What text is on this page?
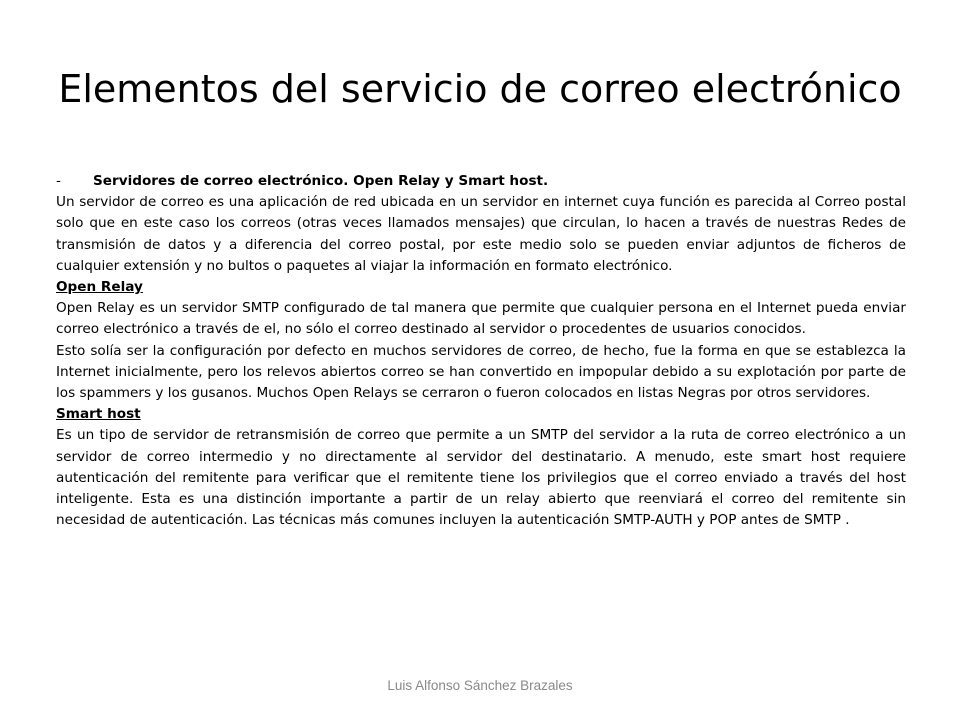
Elementos del servicio de correo electrónico
-	Servidores de correo electrónico. Open Relay y Smart host.

Un servidor de correo es una aplicación de red ubicada en un servidor en internet cuya función es parecida al Correo postal solo que en este caso los correos (otras veces llamados mensajes) que circulan, lo hacen a través de nuestras Redes de transmisión de datos y a diferencia del correo postal, por este medio solo se pueden enviar adjuntos de ficheros de cualquier extensión y no bultos o paquetes al viajar la información en formato electrónico.

Open Relay

Open Relay es un servidor SMTP configurado de tal manera que permite que cualquier persona en el Internet pueda enviar correo electrónico a través de el, no sólo el correo destinado al servidor o procedentes de usuarios conocidos.

Esto solía ser la configuración por defecto en muchos servidores de correo, de hecho, fue la forma en que se establezca la Internet inicialmente, pero los relevos abiertos correo se han convertido en impopular debido a su explotación por parte de los spammers y los gusanos. Muchos Open Relays se cerraron o fueron colocados en listas Negras por otros servidores.

Smart host

Es un tipo de servidor de retransmisión de correo que permite a un SMTP del servidor a la ruta de correo electrónico a un servidor de correo intermedio y no directamente al servidor del destinatario. A menudo, este smart host requiere autenticación del remitente para verificar que el remitente tiene los privilegios que el correo enviado a través del host inteligente. Esta es una distinción importante a partir de un relay abierto que reenviará el correo del remitente sin necesidad de autenticación. Las técnicas más comunes incluyen la autenticación SMTP-AUTH y POP antes de SMTP .

Luis Alfonso Sánchez Brazales
